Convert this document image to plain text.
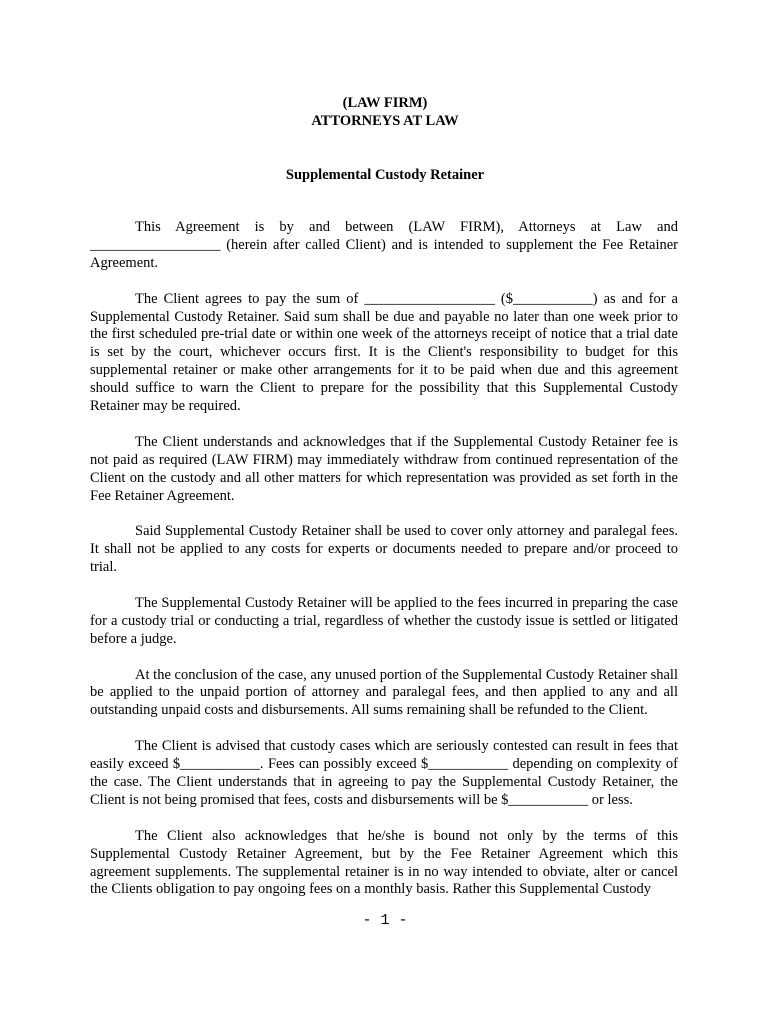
(LAW FIRM)
ATTORNEYS AT LAW
Supplemental Custody Retainer

This Agreement is by and between (LAW FIRM), Attorneys at Law and __________________ (herein after called Client) and is intended to supplement the Fee Retainer Agreement.

The Client agrees to pay the sum of __________________ ($___________) as and for a Supplemental Custody Retainer. Said sum shall be due and payable no later than one week prior to the first scheduled pre-trial date or within one week of the attorneys receipt of notice that a trial date is set by the court, whichever occurs first. It is the Client's responsibility to budget for this supplemental retainer or make other arrangements for it to be paid when due and this agreement should suffice to warn the Client to prepare for the possibility that this Supplemental Custody Retainer may be required.

The Client understands and acknowledges that if the Supplemental Custody Retainer fee is not paid as required (LAW FIRM) may immediately withdraw from continued representation of the Client on the custody and all other matters for which representation was provided as set forth in the Fee Retainer Agreement.

Said Supplemental Custody Retainer shall be used to cover only attorney and paralegal fees. It shall not be applied to any costs for experts or documents needed to prepare and/or proceed to trial.

The Supplemental Custody Retainer will be applied to the fees incurred in preparing the case for a custody trial or conducting a trial, regardless of whether the custody issue is settled or litigated before a judge.

At the conclusion of the case, any unused portion of the Supplemental Custody Retainer shall be applied to the unpaid portion of attorney and paralegal fees, and then applied to any and all outstanding unpaid costs and disbursements. All sums remaining shall be refunded to the Client.

The Client is advised that custody cases which are seriously contested can result in fees that easily exceed $___________. Fees can possibly exceed $___________ depending on complexity of the case. The Client understands that in agreeing to pay the Supplemental Custody Retainer, the Client is not being promised that fees, costs and disbursements will be $___________ or less.

The Client also acknowledges that he/she is bound not only by the terms of this Supplemental Custody Retainer Agreement, but by the Fee Retainer Agreement which this agreement supplements. The supplemental retainer is in no way intended to obviate, alter or cancel the Clients obligation to pay ongoing fees on a monthly basis. Rather this Supplemental Custody

- 1 -
